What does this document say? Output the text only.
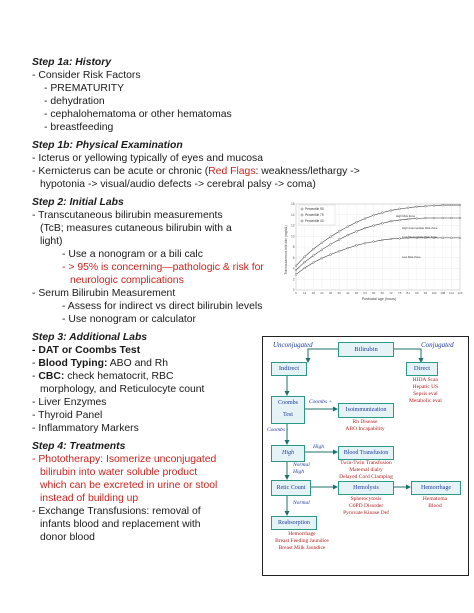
Step 1a: History
- Consider Risk Factors
- PREMATURITY
- dehydration
- cephalohematoma or other hematomas
- breastfeeding
Step 1b: Physical Examination
- Icterus or yellowing typically of eyes and mucosa
- Kernicterus can be acute or chronic (Red Flags: weakness/lethargy ->
hypotonia -> visual/audio defects -> cerebral palsy -> coma)
Step 2: Initial Labs
- Transcutaneous bilirubin measurements
(TcB; measures cutaneous bilirubin with a
light)
- Use a nonogram or a bili calc
- > 95% is concerning—pathologic & risk for
neurologic complications
- Serum Bilirubin Measurement
- Assess for indirect vs direct bilirubin levels
- Use nonogram or calculator
Step 3: Additional Labs
- DAT or Coombs Test
- Blood Typing: ABO and Rh
- CBC: check hematocrit, RBC
morphology, and Reticulocyte count
- Liver Enzymes
- Thyroid Panel
- Inflammatory Markers
Step 4: Treatments
- Phototherapy: Isomerize unconjugated
bilirubin into water soluble product
which can be excreted in urine or stool
instead of building up
- Exchange Transfusions: removal of
infants blood and replacement with
donor blood
Transcutaneous bilirubin (mg/dL)
Postnatal age (hours)
0
2
4
6
8
10
12
14
16
6 12 18 24 30 36 42 48 54 60 66 72 78 84 90 96 102 108 114 120
Percentile 95
Percentile 75
Percentile 40
High Risk Zone
High-Intermediate Risk Zone
Low-Intermediate Risk Zone
Low Risk Zone
Unconjugated
Bilirubin
Conjugated
Indirect	Direct
HIDA Scan
Hepatic US
Sepsis eval
Metabolic eval
Coombs
Test
Coombs +
Isoimmunization
Rh Disease
ABO Incapability
Coombs -
High
High
Blood Transfusion
Twin-Twin Transfusion
Maternal diaby
Delayed Cord Clamping
Normal
High
Retic Count	Hemolysis	Hemorrhage
Spherocytosis
G6PD Disorder
Pyruvate Kinase Def
Hematoma
Blood
Normal
Reabsorption
Hemorrhage
Breast Feeding Jaundice
Breast Milk Jaundice
